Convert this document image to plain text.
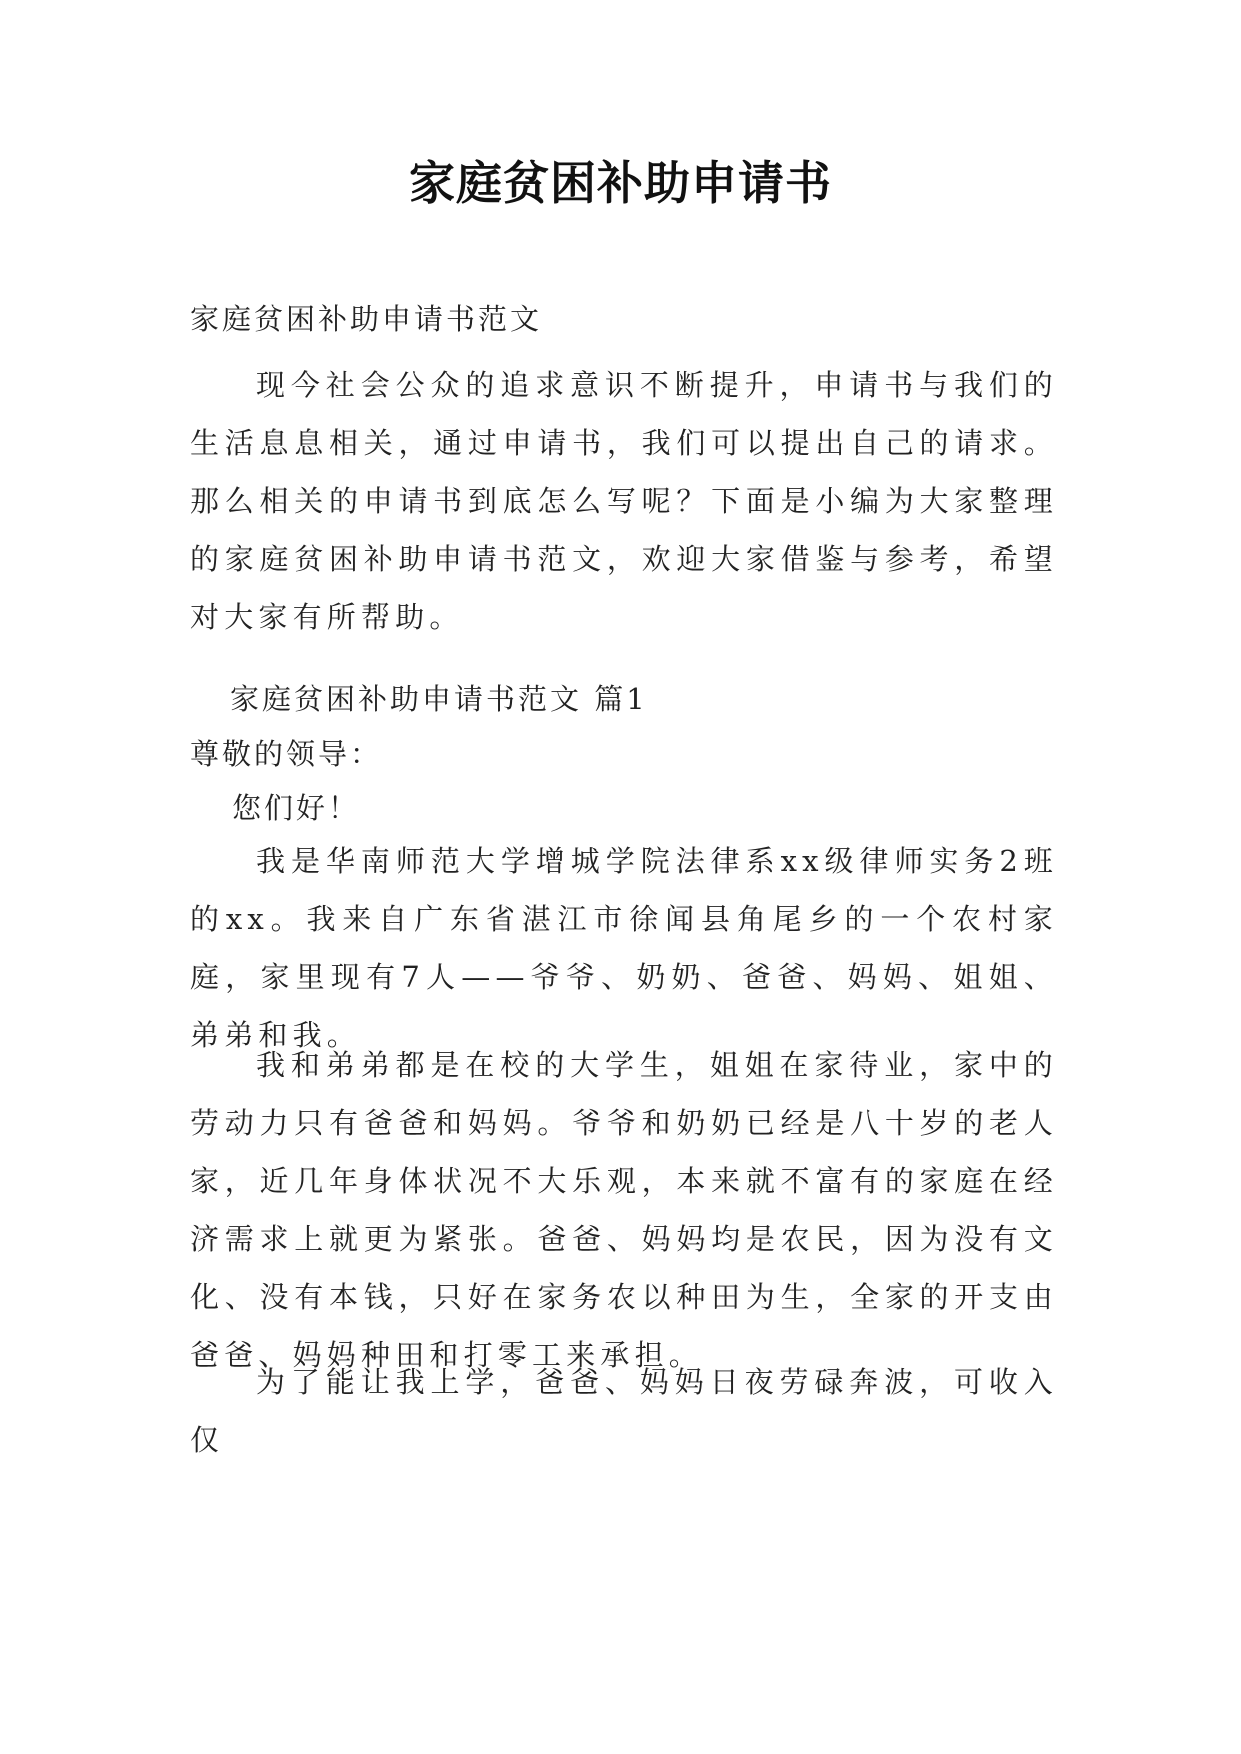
家庭贫困补助申请书
家庭贫困补助申请书范文

现今社会公众的追求意识不断提升，申请书与我们的生活息息相关，通过申请书，我们可以提出自己的请求。那么相关的申请书到底怎么写呢？下面是小编为大家整理的家庭贫困补助申请书范文，欢迎大家借鉴与参考，希望对大家有所帮助。

家庭贫困补助申请书范文 篇1
尊敬的领导：
您们好！

我是华南师范大学增城学院法律系xx级律师实务2班的xx。我来自广东省湛江市徐闻县角尾乡的一个农村家庭，家里现有7人——爷爷、奶奶、爸爸、妈妈、姐姐、弟弟和我。

我和弟弟都是在校的大学生，姐姐在家待业，家中的劳动力只有爸爸和妈妈。爷爷和奶奶已经是八十岁的老人家，近几年身体状况不大乐观，本来就不富有的家庭在经济需求上就更为紧张。爸爸、妈妈均是农民，因为没有文化、没有本钱，只好在家务农以种田为生，全家的开支由爸爸、妈妈种田和打零工来承担。

为了能让我上学，爸爸、妈妈日夜劳碌奔波，可收入仅
